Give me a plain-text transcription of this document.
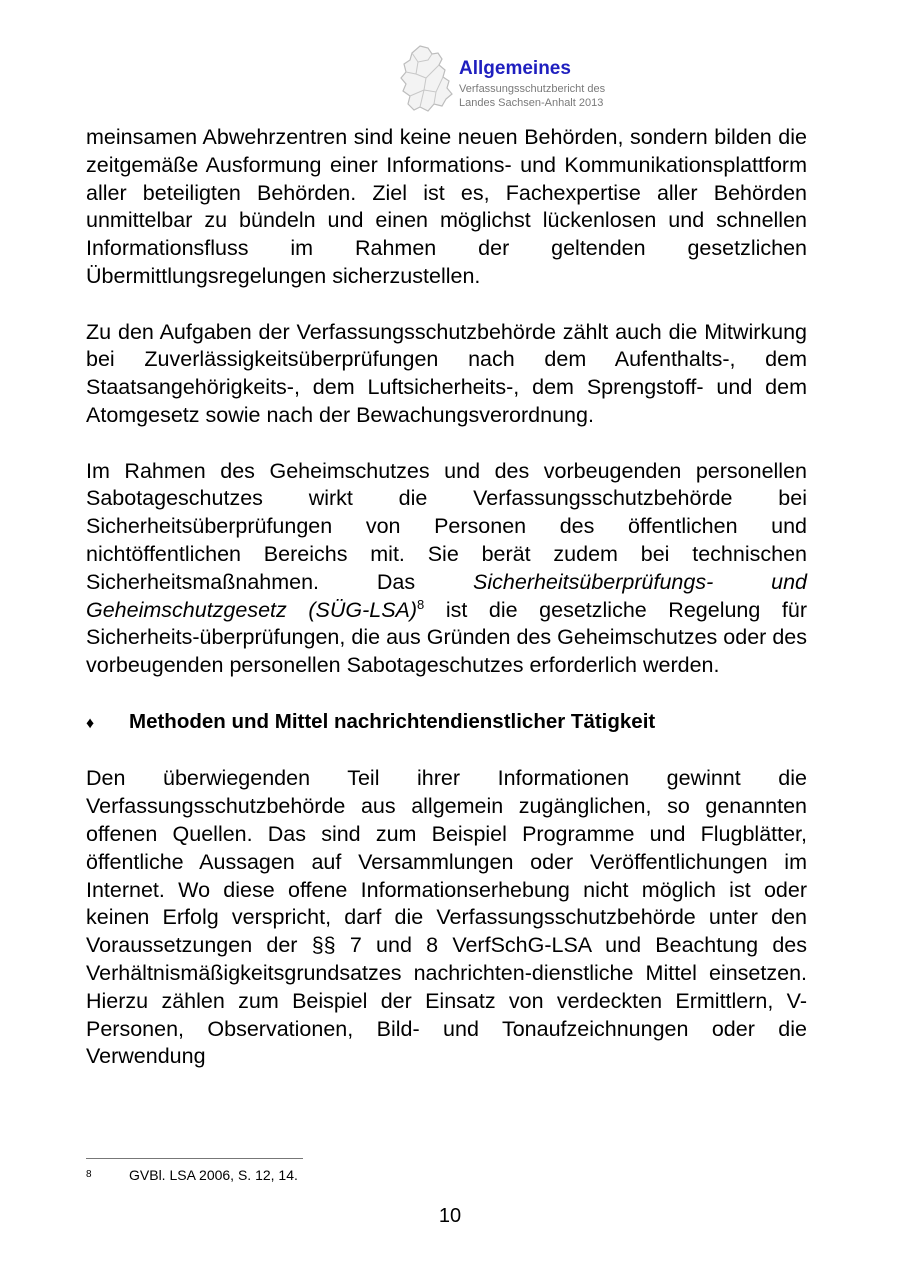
Allgemeines
Verfassungsschutzbericht des
Landes Sachsen-Anhalt 2013

meinsamen Abwehrzentren sind keine neuen Behörden, sondern bilden die zeitgemäße Ausformung einer Informations- und Kommunikationsplattform aller beteiligten Behörden. Ziel ist es, Fachexpertise aller Behörden unmittelbar zu bündeln und einen möglichst lückenlosen und schnellen Informationsfluss im Rahmen der geltenden gesetzlichen Übermittlungsregelungen sicherzustellen.

Zu den Aufgaben der Verfassungsschutzbehörde zählt auch die Mitwirkung bei Zuverlässigkeitsüberprüfungen nach dem Aufenthalts-, dem Staatsangehörigkeits-, dem Luftsicherheits-, dem Sprengstoff- und dem Atomgesetz sowie nach der Bewachungsverordnung.

Im Rahmen des Geheimschutzes und des vorbeugenden personellen Sabotageschutzes wirkt die Verfassungsschutzbehörde bei Sicherheitsüberprüfungen von Personen des öffentlichen und nichtöffentlichen Bereichs mit. Sie berät zudem bei technischen Sicherheitsmaßnahmen. Das Sicherheitsüberprüfungs- und Geheimschutzgesetz (SÜG-LSA)$^8$ ist die gesetzliche Regelung für Sicherheits-überprüfungen, die aus Gründen des Geheimschutzes oder des vorbeugenden personellen Sabotageschutzes erforderlich werden.

♦	Methoden und Mittel nachrichtendienstlicher Tätigkeit

Den überwiegenden Teil ihrer Informationen gewinnt die Verfassungsschutzbehörde aus allgemein zugänglichen, so genannten offenen Quellen. Das sind zum Beispiel Programme und Flugblätter, öffentliche Aussagen auf Versammlungen oder Veröffentlichungen im Internet. Wo diese offene Informationserhebung nicht möglich ist oder keinen Erfolg verspricht, darf die Verfassungsschutzbehörde unter den Voraussetzungen der §§ 7 und 8 VerfSchG-LSA und Beachtung des Verhältnismäßigkeitsgrundsatzes nachrichten-dienstliche Mittel einsetzen. Hierzu zählen zum Beispiel der Einsatz von verdeckten Ermittlern, V-Personen, Observationen, Bild- und Tonaufzeichnungen oder die Verwendung

8	GVBl. LSA 2006, S. 12, 14.
10
